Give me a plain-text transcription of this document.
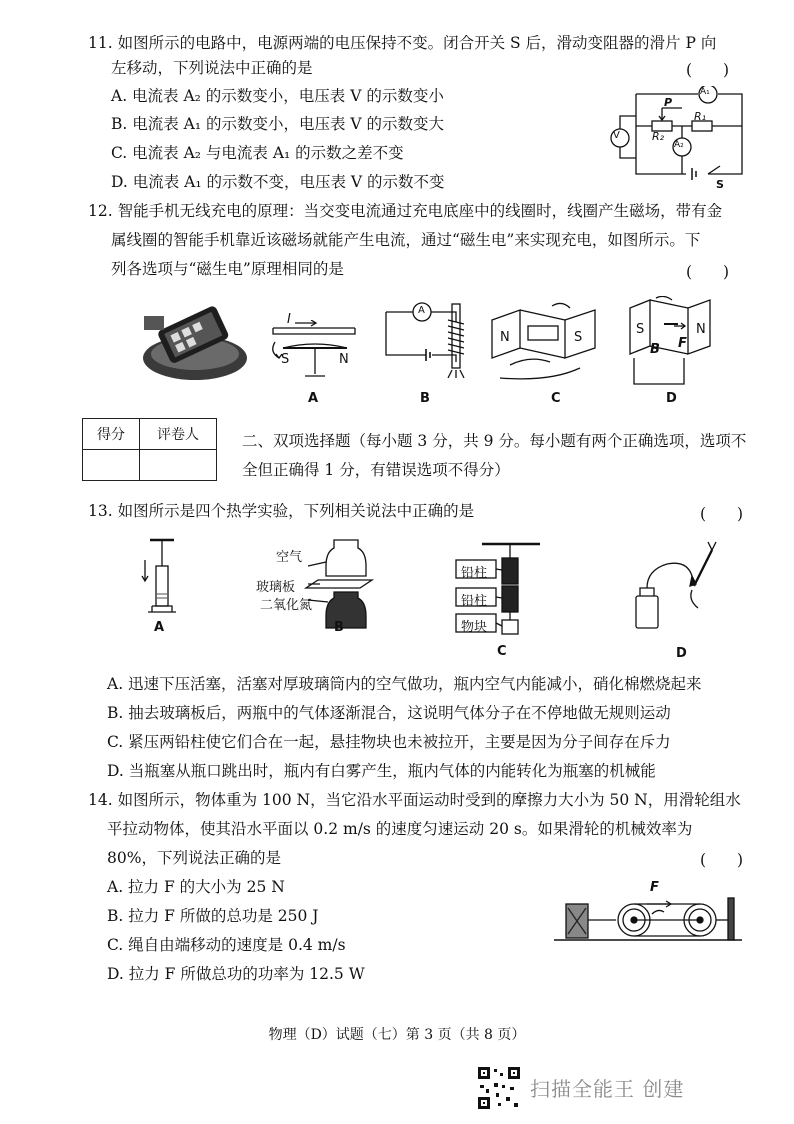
11. 如图所示的电路中，电源两端的电压保持不变。闭合开关 S 后，滑动变阻器的滑片 P 向
左移动，下列说法中正确的是	(　　)
A. 电流表 A₂ 的示数变小，电压表 V 的示数变小
B. 电流表 A₁ 的示数变小，电压表 V 的示数变大
C. 电流表 A₂ 与电流表 A₁ 的示数之差不变
D. 电流表 A₁ 的示数不变，电压表 V 的示数不变
V
A₁
A₂
P
R₂
R₁
S
12. 智能手机无线充电的原理：当交变电流通过充电底座中的线圈时，线圈产生磁场，带有金
属线圈的智能手机靠近该磁场就能产生电流，通过“磁生电”来实现充电，如图所示。下
列各选项与“磁生电”原理相同的是	(　　)
I
S	N
A
N	S
S	N
B F
A	B	C	D
得分	评卷人
		二、双项选择题（每小题 3 分，共 9 分。每小题有两个正确选项，选项不
全但正确得 1 分，有错误选项不得分）
13. 如图所示是四个热学实验，下列相关说法中正确的是	(　　)
空气
玻璃板
二氧化氮
铅柱
铅柱
物块
A	B
C	D
A. 迅速下压活塞，活塞对厚玻璃筒内的空气做功，瓶内空气内能减小，硝化棉燃烧起来
B. 抽去玻璃板后，两瓶中的气体逐渐混合，这说明气体分子在不停地做无规则运动
C. 紧压两铅柱使它们合在一起，悬挂物块也未被拉开，主要是因为分子间存在斥力
D. 当瓶塞从瓶口跳出时，瓶内有白雾产生，瓶内气体的内能转化为瓶塞的机械能
14. 如图所示，物体重为 100 N，当它沿水平面运动时受到的摩擦力大小为 50 N，用滑轮组水
平拉动物体，使其沿水平面以 0.2 m/s 的速度匀速运动 20 s。如果滑轮的机械效率为
80%，下列说法正确的是	(　　)
A. 拉力 F 的大小为 25 N
B. 拉力 F 所做的总功是 250 J
C. 绳自由端移动的速度是 0.4 m/s
D. 拉力 F 所做总功的功率为 12.5 W
F
物理（D）试题（七）第 3 页（共 8 页）
扫描全能王 创建
